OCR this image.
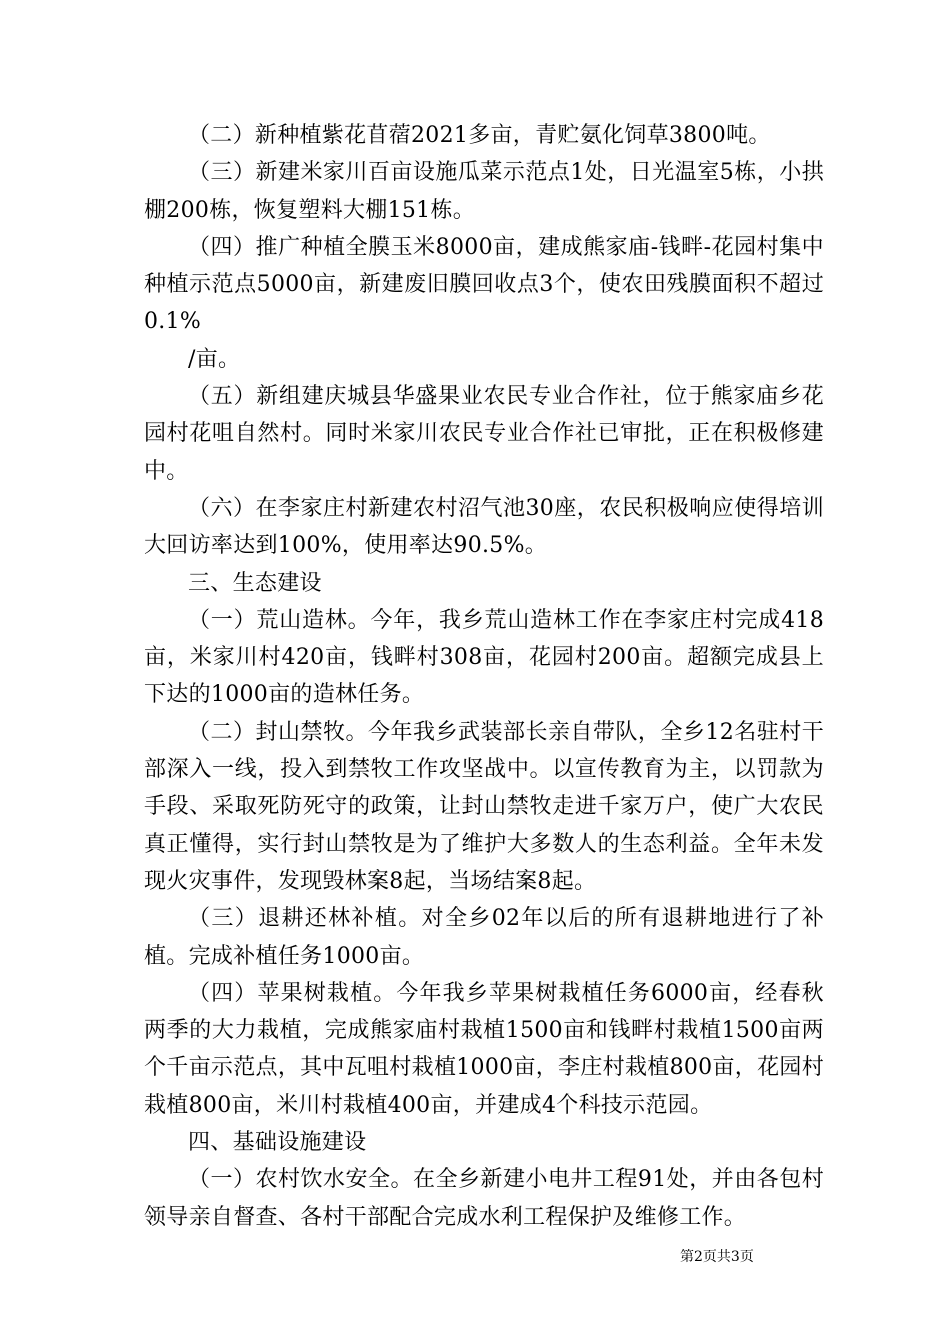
（二）新种植紫花苜蓿2021多亩，青贮氨化饲草3800吨。

（三）新建米家川百亩设施瓜菜示范点1处，日光温室5栋，小拱棚200栋，恢复塑料大棚151栋。

（四）推广种植全膜玉米8000亩，建成熊家庙-钱畔-花园村集中种植示范点5000亩，新建废旧膜回收点3个，使农田残膜面积不超过0.1%

/亩。

（五）新组建庆城县华盛果业农民专业合作社，位于熊家庙乡花园村花咀自然村。同时米家川农民专业合作社已审批，正在积极修建中。

（六）在李家庄村新建农村沼气池30座，农民积极响应使得培训大回访率达到100%，使用率达90.5%。

三、生态建设

（一）荒山造林。今年，我乡荒山造林工作在李家庄村完成418亩，米家川村420亩，钱畔村308亩，花园村200亩。超额完成县上下达的1000亩的造林任务。

（二）封山禁牧。今年我乡武装部长亲自带队，全乡12名驻村干部深入一线，投入到禁牧工作攻坚战中。以宣传教育为主，以罚款为手段、采取死防死守的政策，让封山禁牧走进千家万户，使广大农民真正懂得，实行封山禁牧是为了维护大多数人的生态利益。全年未发现火灾事件，发现毁林案8起，当场结案8起。

（三）退耕还林补植。对全乡02年以后的所有退耕地进行了补植。完成补植任务1000亩。

（四）苹果树栽植。今年我乡苹果树栽植任务6000亩，经春秋两季的大力栽植，完成熊家庙村栽植1500亩和钱畔村栽植1500亩两个千亩示范点，其中瓦咀村栽植1000亩，李庄村栽植800亩，花园村栽植800亩，米川村栽植400亩，并建成4个科技示范园。

四、基础设施建设

（一）农村饮水安全。在全乡新建小电井工程91处，并由各包村领导亲自督查、各村干部配合完成水利工程保护及维修工作。

第2页共3页
